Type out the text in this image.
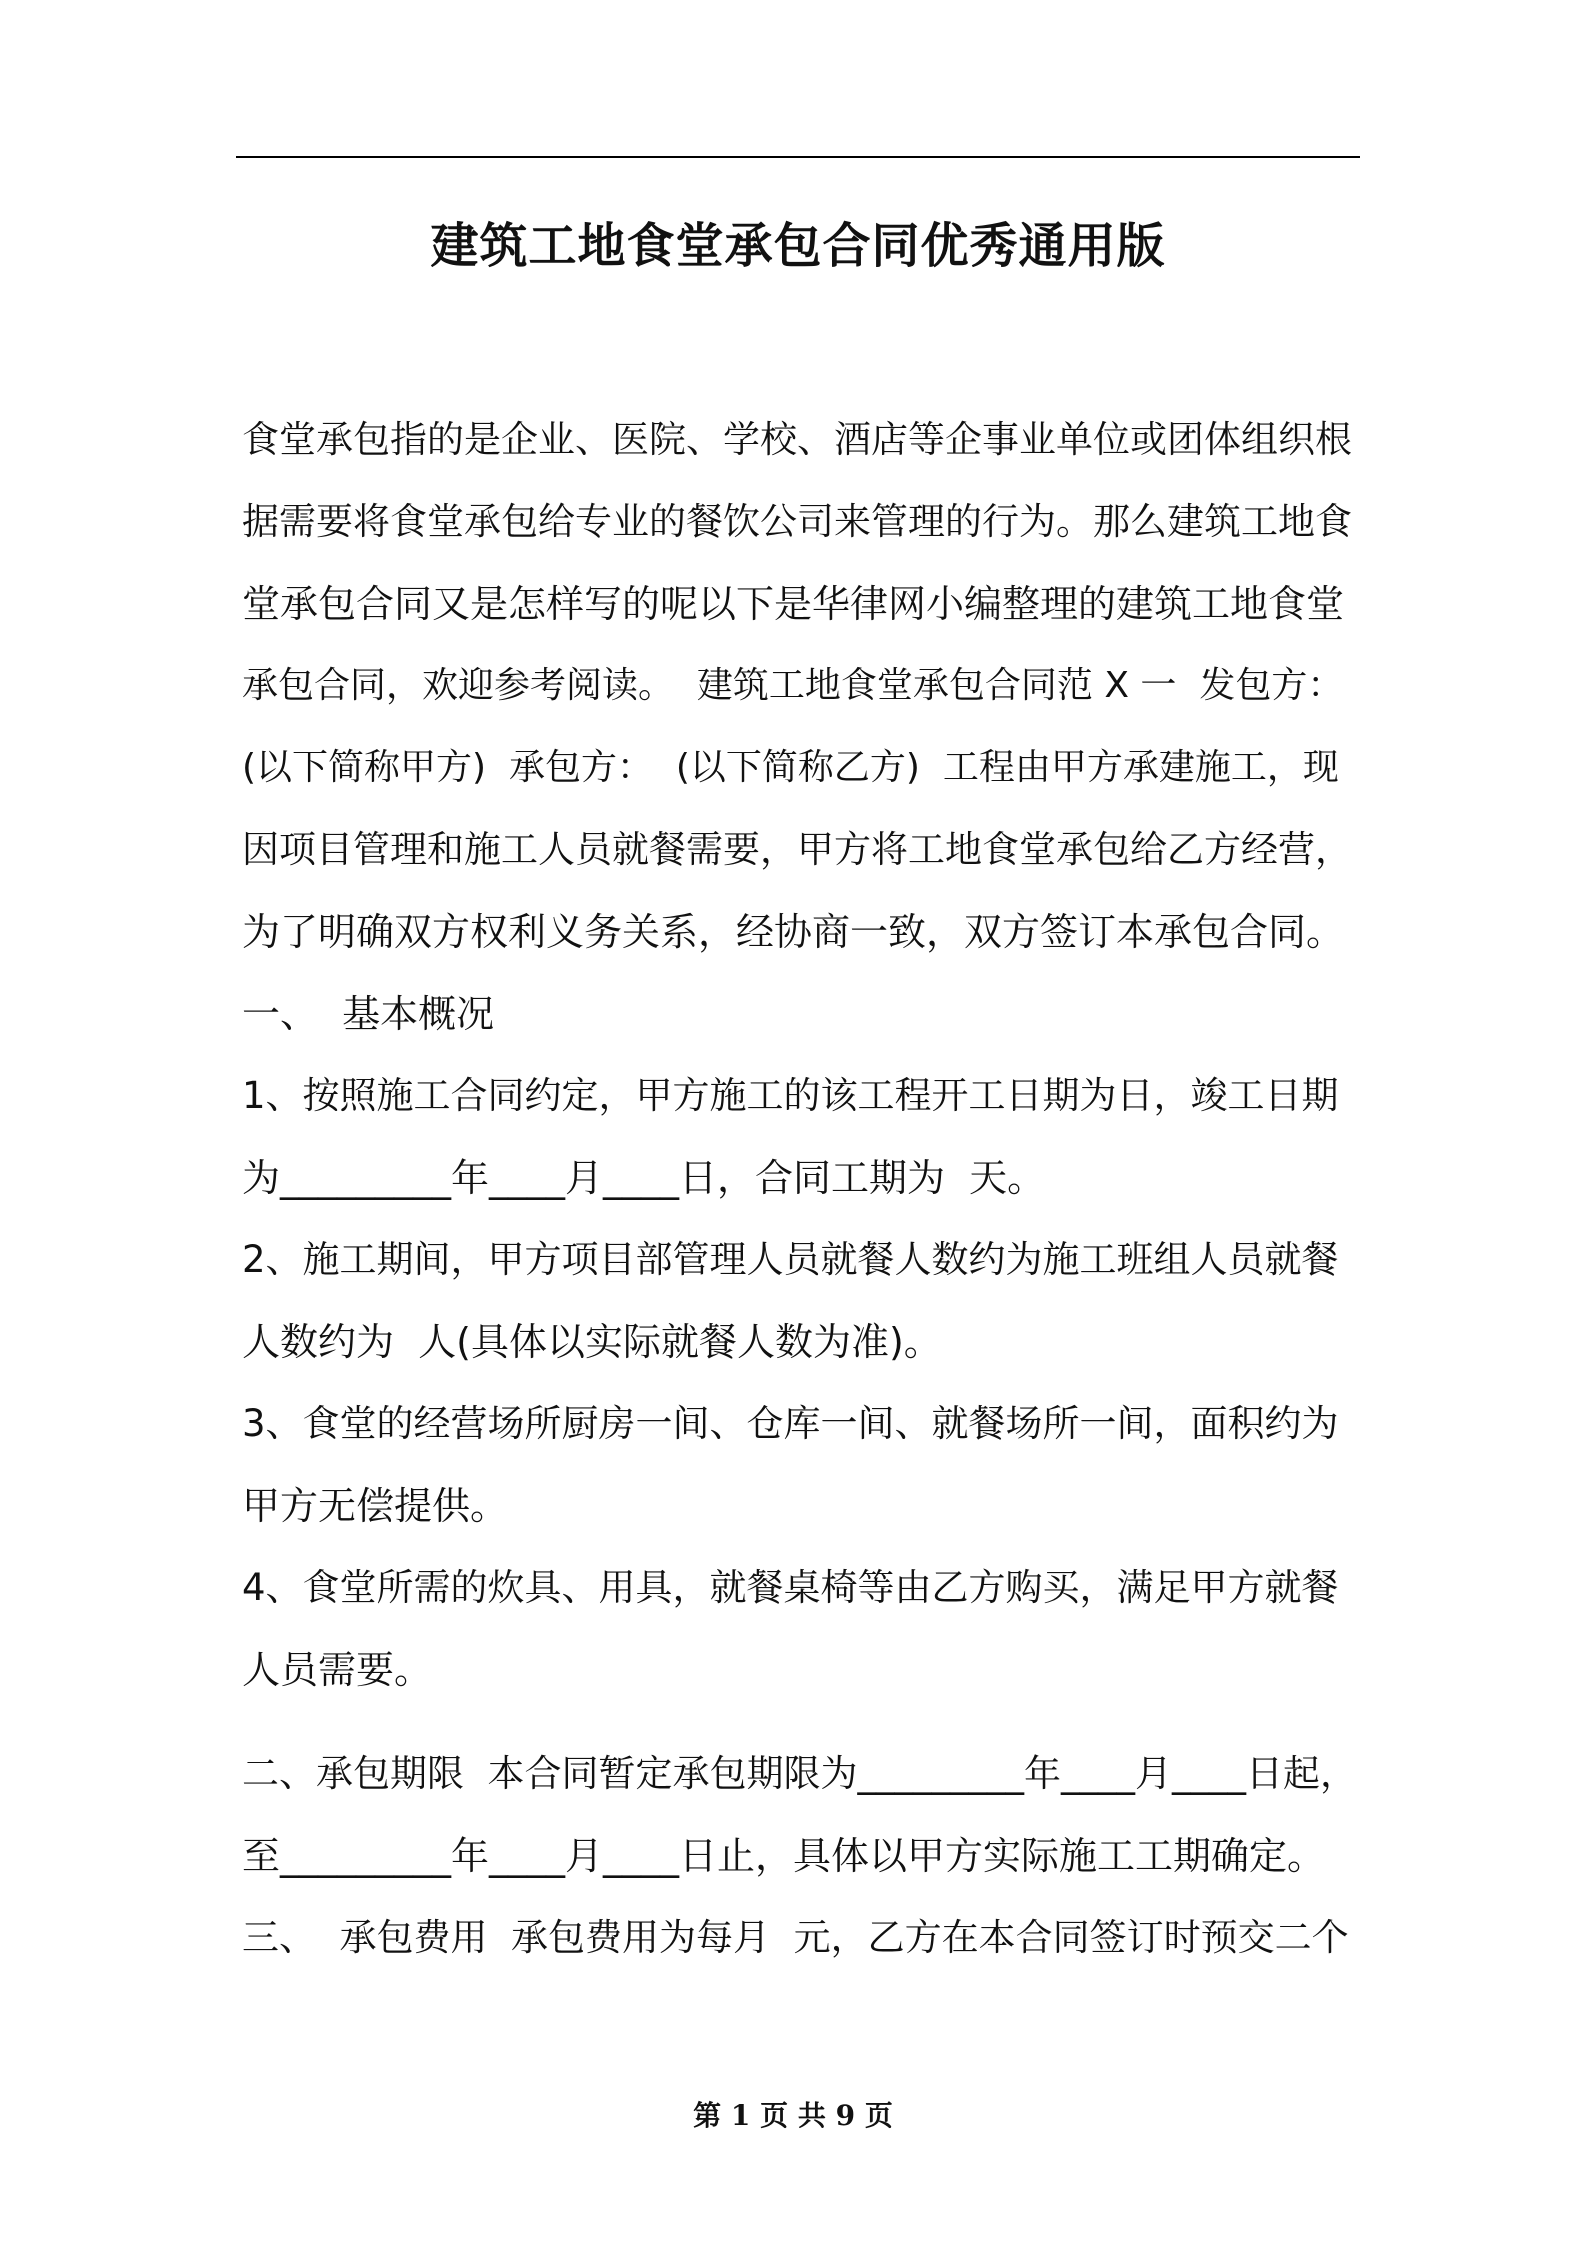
建筑工地食堂承包合同优秀通用版
食堂承包指的是企业、医院、学校、酒店等企事业单位或团体组织根
据需要将食堂承包给专业的餐饮公司来管理的行为。那么建筑工地食
堂承包合同又是怎样写的呢以下是华律网小编整理的建筑工地食堂
承包合同，欢迎参考阅读。  建筑工地食堂承包合同范 X 一  发包方：
(以下简称甲方)  承包方：  (以下简称乙方)  工程由甲方承建施工，现
因项目管理和施工人员就餐需要，甲方将工地食堂承包给乙方经营，
为了明确双方权利义务关系，经协商一致，双方签订本承包合同。
一、  基本概况
1、按照施工合同约定，甲方施工的该工程开工日期为日，竣工日期
为_________年____月____日，合同工期为  天。
2、施工期间，甲方项目部管理人员就餐人数约为施工班组人员就餐
人数约为  人(具体以实际就餐人数为准)。
3、食堂的经营场所厨房一间、仓库一间、就餐场所一间，面积约为
甲方无偿提供。
4、食堂所需的炊具、用具，就餐桌椅等由乙方购买，满足甲方就餐
人员需要。
二、承包期限  本合同暂定承包期限为_________年____月____日起，
至_________年____月____日止，具体以甲方实际施工工期确定。
三、  承包费用  承包费用为每月  元，乙方在本合同签订时预交二个
第 1 页 共 9 页
